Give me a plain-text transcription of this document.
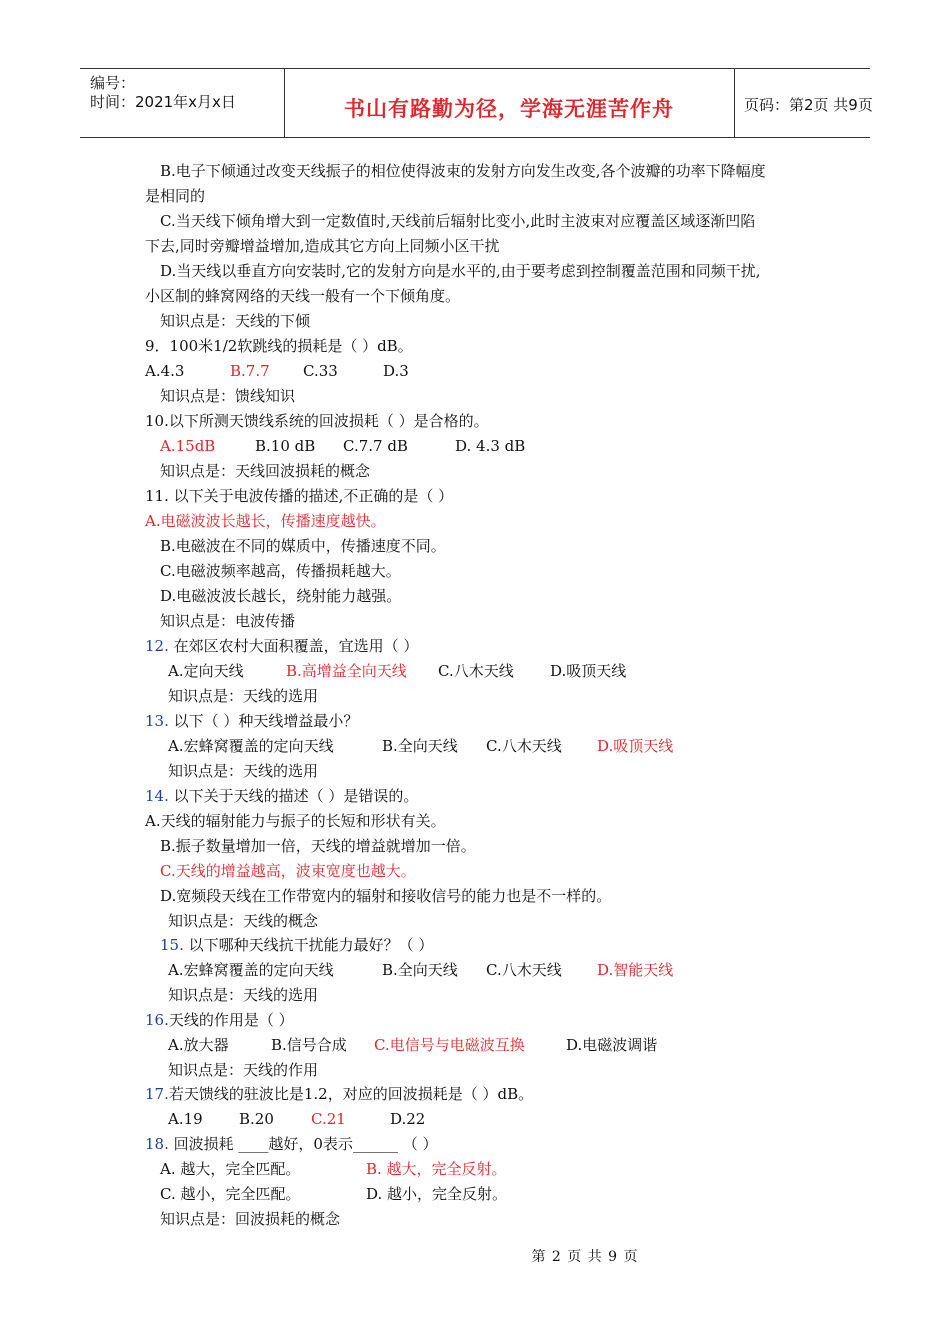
编号：
时间：2021年x月x日	书山有路勤为径，学海无涯苦作舟	页码：第2页 共9页
B.电子下倾通过改变天线振子的相位使得波束的发射方向发生改变,各个波瓣的功率下降幅度
是相同的
C.当天线下倾角增大到一定数值时,天线前后辐射比变小,此时主波束对应覆盖区域逐渐凹陷
下去,同时旁瓣增益增加,造成其它方向上同频小区干扰
D.当天线以垂直方向安装时,它的发射方向是水平的,由于要考虑到控制覆盖范围和同频干扰,
小区制的蜂窝网络的天线一般有一个下倾角度。
知识点是：天线的下倾
9．100米1/2软跳线的损耗是（ ）dB。
A.4.3	B.7.7 C.33	D.3
知识点是：馈线知识
10.以下所测天馈线系统的回波损耗（ ）是合格的。
A.15dB	B.10 dB C.7.7 dB	D. 4.3 dB
知识点是：天线回波损耗的概念
11. 以下关于电波传播的描述,不正确的是（ ）
A.电磁波波长越长，传播速度越快。
B.电磁波在不同的媒质中，传播速度不同。
C.电磁波频率越高，传播损耗越大。
D.电磁波波长越长，绕射能力越强。
知识点是：电波传播
12. 在郊区农村大面积覆盖，宜选用（ ）
A.定向天线	B.高增益全向天线 C.八木天线 D.吸顶天线
知识点是：天线的选用
13. 以下（ ）种天线增益最小？
A.宏蜂窝覆盖的定向天线	B.全向天线 C.八木天线 D.吸顶天线
知识点是：天线的选用
14. 以下关于天线的描述（ ）是错误的。
A.天线的辐射能力与振子的长短和形状有关。
B.振子数量增加一倍，天线的增益就增加一倍。
C.天线的增益越高，波束宽度也越大。
D.宽频段天线在工作带宽内的辐射和接收信号的能力也是不一样的。
知识点是：天线的概念
15. 以下哪种天线抗干扰能力最好？（ ）
A.宏蜂窝覆盖的定向天线	B.全向天线 C.八木天线 D.智能天线
知识点是：天线的选用
16.天线的作用是（ ）
A.放大器	B.信号合成 C.电信号与电磁波互换	D.电磁波调谐
知识点是：天线的作用
17.若天馈线的驻波比是1.2，对应的回波损耗是（ ）dB。
A.19 B.20 C.21	D.22
18. 回波损耗 ____越好，0表示______ （ ）
A. 越大，完全匹配。	B. 越大，完全反射。
C. 越小，完全匹配。	D. 越小，完全反射。
知识点是：回波损耗的概念
第 2 页 共 9 页
